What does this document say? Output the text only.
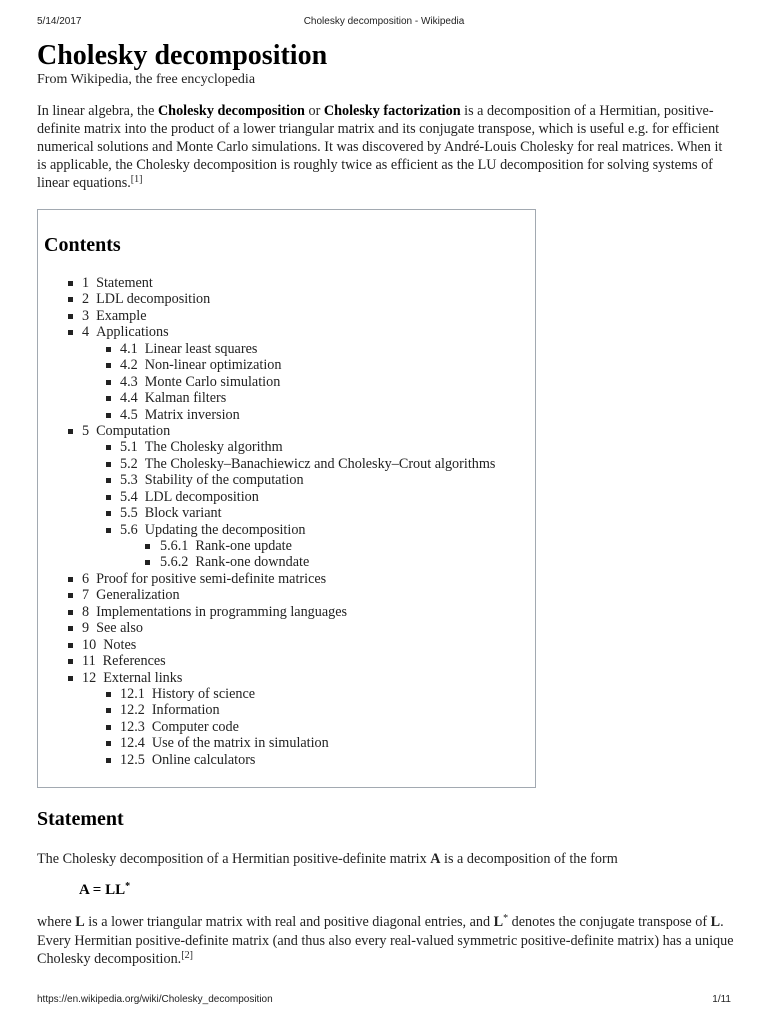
5/14/2017	Cholesky decomposition - Wikipedia
Cholesky decomposition
From Wikipedia, the free encyclopedia

In linear algebra, the Cholesky decomposition or Cholesky factorization is a decomposition of a Hermitian, positive-definite matrix into the product of a lower triangular matrix and its conjugate transpose, which is useful e.g. for efficient numerical solutions and Monte Carlo simulations. It was discovered by André-Louis Cholesky for real matrices. When it is applicable, the Cholesky decomposition is roughly twice as efficient as the LU decomposition for solving systems of linear equations.[1]

Contents
1 Statement
2 LDL decomposition
3 Example
4 Applications
4.1 Linear least squares
4.2 Non-linear optimization
4.3 Monte Carlo simulation
4.4 Kalman filters
4.5 Matrix inversion
5 Computation
5.1 The Cholesky algorithm
5.2 The Cholesky–Banachiewicz and Cholesky–Crout algorithms
5.3 Stability of the computation
5.4 LDL decomposition
5.5 Block variant
5.6 Updating the decomposition
5.6.1 Rank-one update
5.6.2 Rank-one downdate
6 Proof for positive semi-definite matrices
7 Generalization
8 Implementations in programming languages
9 See also
10 Notes
11 References
12 External links
12.1 History of science
12.2 Information
12.3 Computer code
12.4 Use of the matrix in simulation
12.5 Online calculators
Statement

The Cholesky decomposition of a Hermitian positive-definite matrix A is a decomposition of the form

A = LL*

where L is a lower triangular matrix with real and positive diagonal entries, and L* denotes the conjugate transpose of L. Every Hermitian positive-definite matrix (and thus also every real-valued symmetric positive-definite matrix) has a unique Cholesky decomposition.[2]

https://en.wikipedia.org/wiki/Cholesky_decomposition	1/11
